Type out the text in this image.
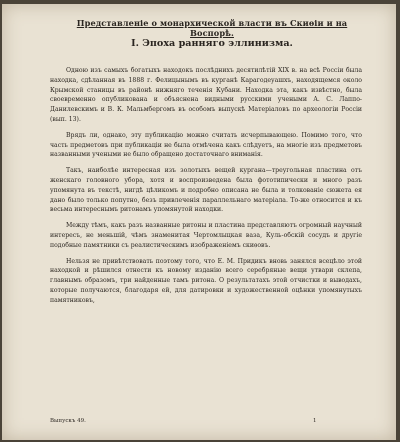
Представленіе о монархической власти въ Скиѳіи и на Воспорѣ.
I. Эпоха ранняго эллинизма.

Одною изъ самыхъ богатыхъ находокъ послѣднихъ десятилѣтій XIX в. на всѣ Россіи была находка, сдѣланная въ 1888 г. Фелицынымъ въ курганѣ Карагодеуашхъ, находящемся около Крымской станицы въ районѣ нижняго теченія Кубани. Находка эта, какъ извѣстно, была своевременно опубликована и объяснена видными русскими учеными А. С. Лаппо-Данилевскимъ и В. К. Мальмбергомъ въ особомъ выпускѣ Матеріаловъ по археологіи Россіи (вып. 13).

Врядъ ли, однако, эту публикацію можно считать исчерпывающею. Помимо того, что часть предметовъ при публикаціи не была отмѣчена какъ слѣдуетъ, на многіе изъ предметовъ названными учеными не было обращено достаточнаго вниманія.

Такъ, наиболѣе интересная изъ золотыхъ вещей кургана—треугольная пластина отъ женскаго головного убора, хотя и воспроизведена была фототипически и много разъ упомянута въ текстѣ, нигдѣ цѣликомъ и подробно описана не была и толкованіе сюжета ея дано было только попутно, безъ привлеченія параллельнаго матеріала. То-же относится и къ весьма интереснымъ ритонамъ упомянутой находки.

Между тѣмъ, какъ разъ названные ритоны и пластина представляютъ огромный научный интересъ, не меньшій, чѣмъ знаменитая Чертомлыцкая ваза, Куль-обскій сосудъ и другіе подобные памятники съ реалистическимъ изображеніемъ скиѳовъ.

Нельзя не привѣтствовать поэтому того, что Е. М. Придикъ вновь занялся всецѣло этой находкой и рѣшился отнести къ новому изданію всего серебряные вещи утвари склепа, главнымъ образомъ, три найденные тамъ ритона. О результатахъ этой отчистки и выводахъ, которые получаются, благодаря ей, для датировки и художественной оцѣнки упомянутыхъ памятниковъ,

Выпускъ 49.	1
